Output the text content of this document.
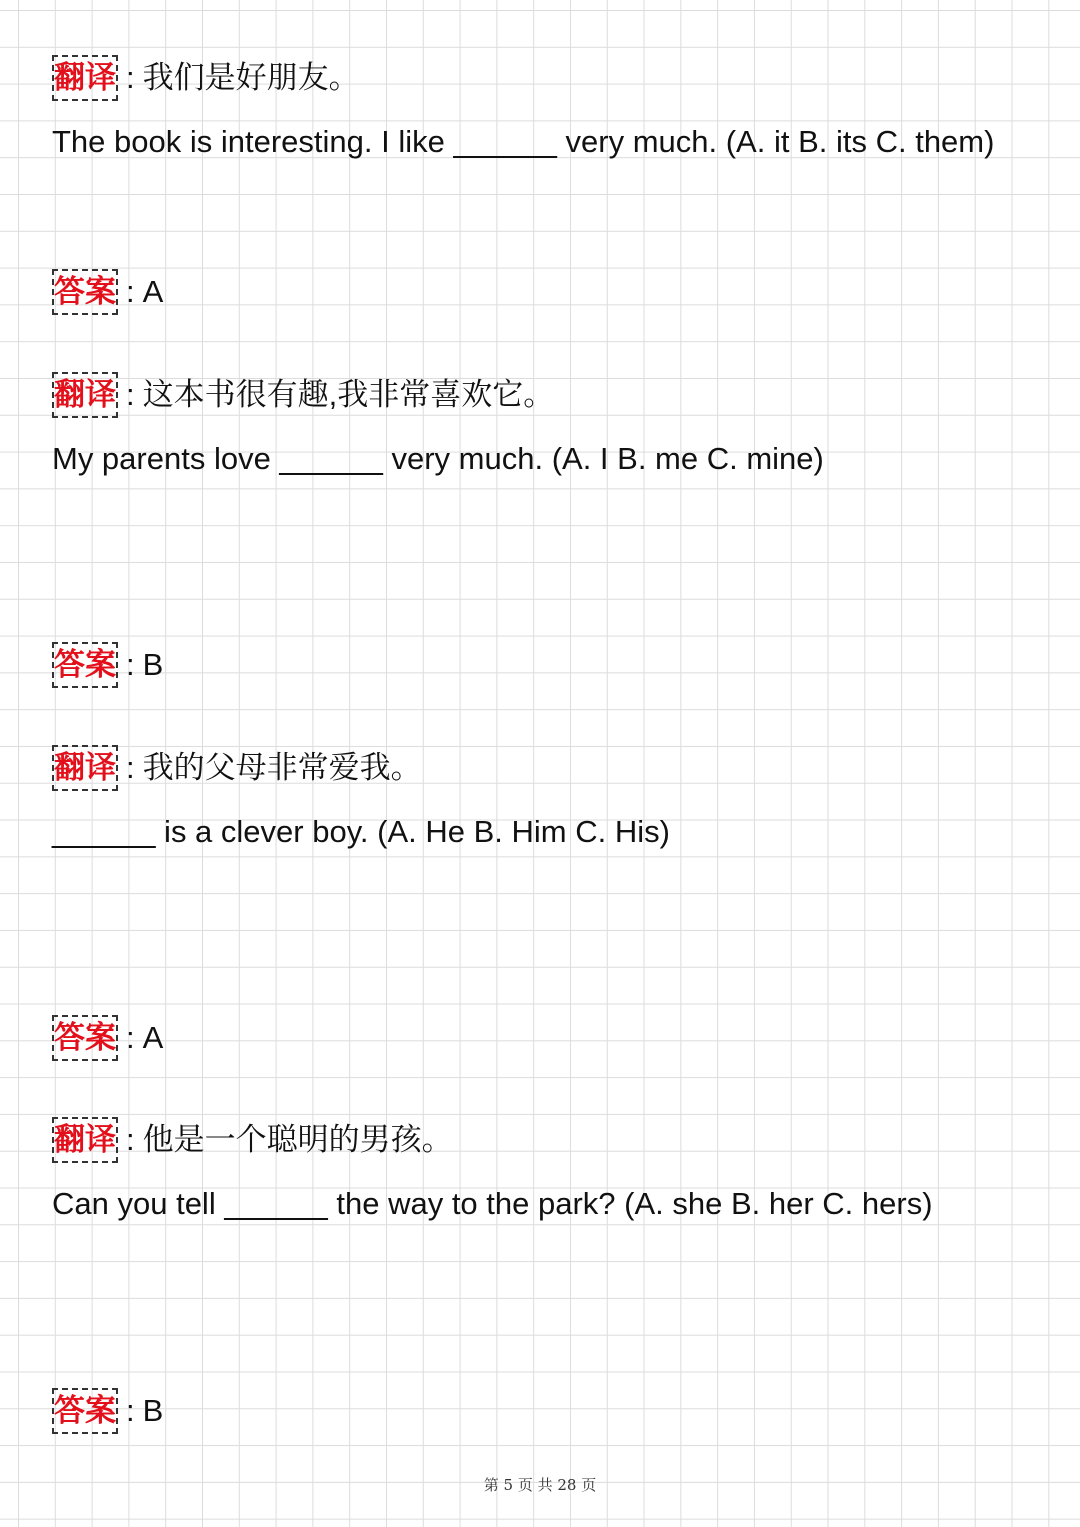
翻译 : 我们是好朋友。
The book is interesting. I like ______ very much. (A. it B. its C. them)
答案 : A
翻译 : 这本书很有趣,我非常喜欢它。
My parents love ______ very much. (A. I B. me C. mine)
答案 : B
翻译 : 我的父母非常爱我。
______ is a clever boy. (A. He B. Him C. His)
答案 : A
翻译 : 他是一个聪明的男孩。
Can you tell ______ the way to the park? (A. she B. her C. hers)
答案 : B
第 5 页 共 28 页
